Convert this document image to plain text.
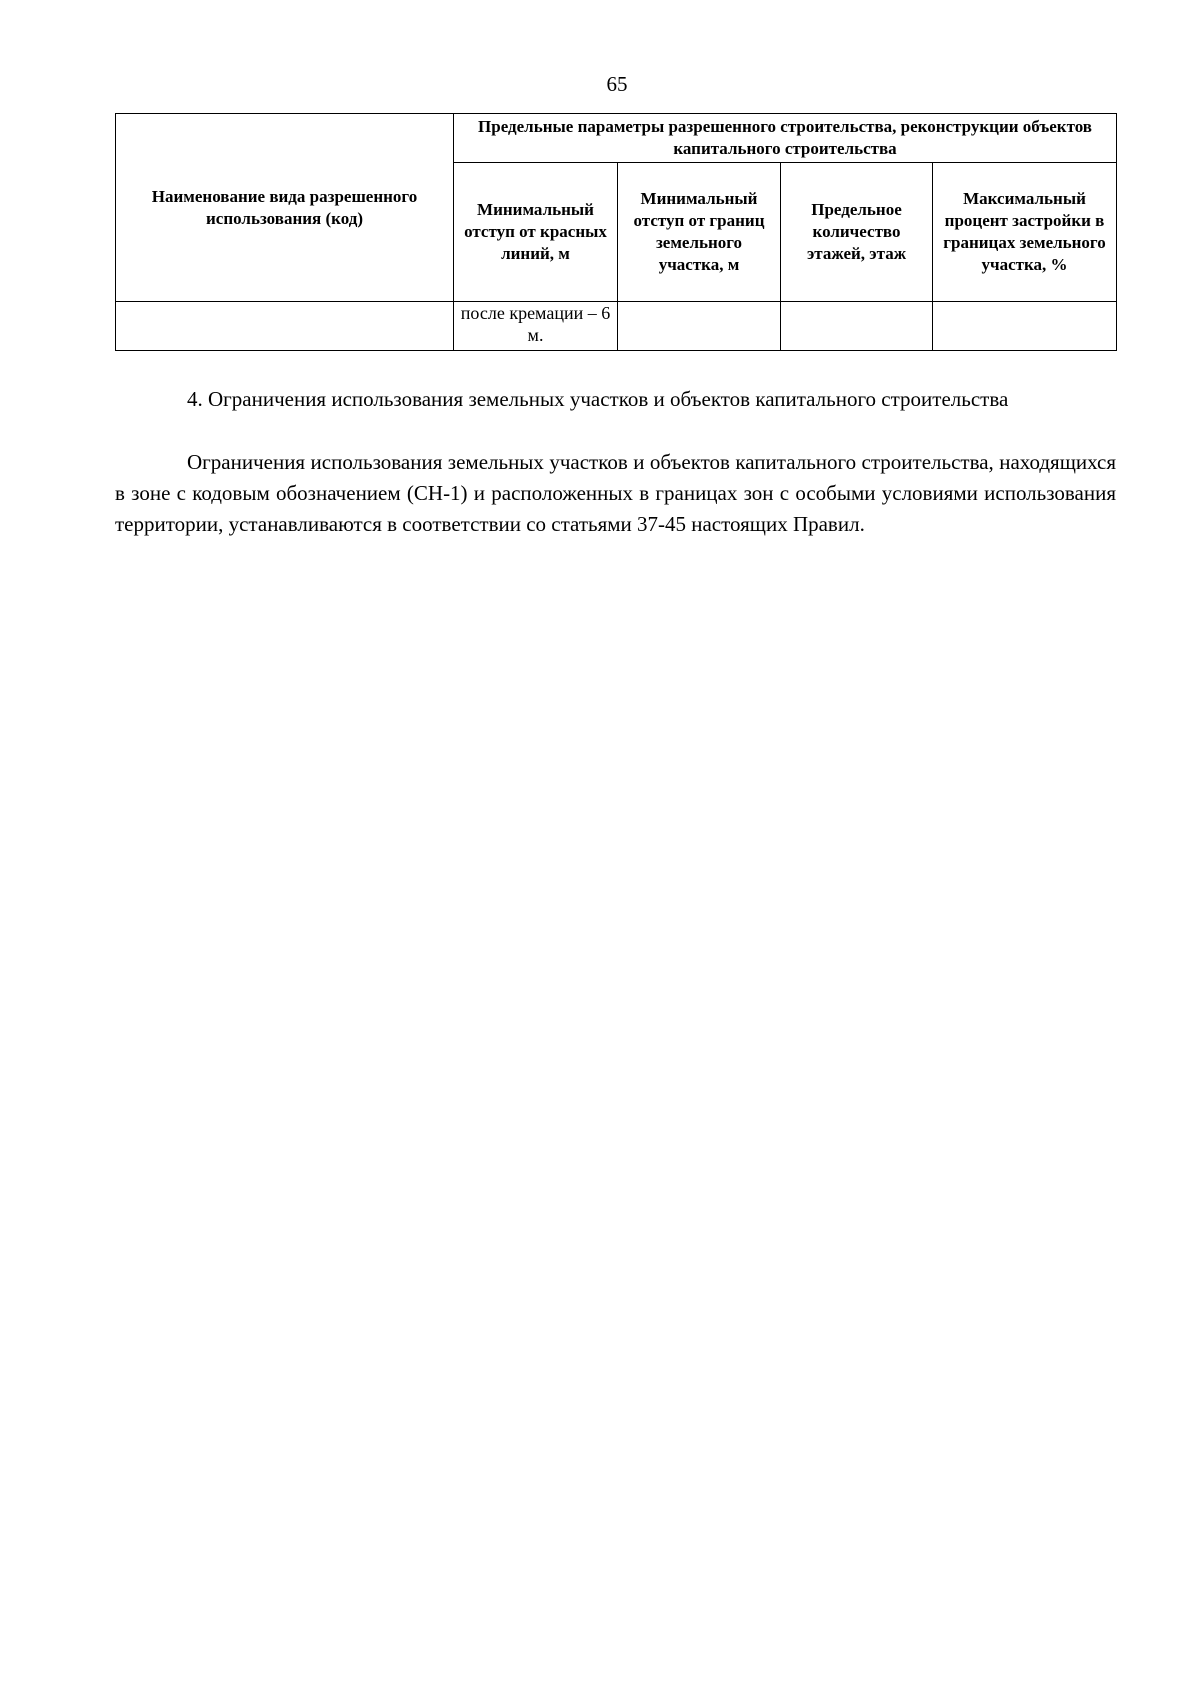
65
Наименование вида разрешенного использования (код)	Предельные параметры разрешенного строительства, реконструкции объектов капитального строительства			
	Минимальный отступ от красных линий, м	Минимальный отступ от границ земельного участка, м	Предельное количество этажей, этаж	Максимальный процент застройки в границах земельного участка, %
	после кремации – 6 м.			

4. Ограничения использования земельных участков и объектов капитального строительства

Ограничения использования земельных участков и объектов капитального строительства, находящихся в зоне с кодовым обозначением (СН-1) и расположенных в границах зон с особыми условиями использования территории, устанавливаются в соответствии со статьями 37-45 настоящих Правил.
